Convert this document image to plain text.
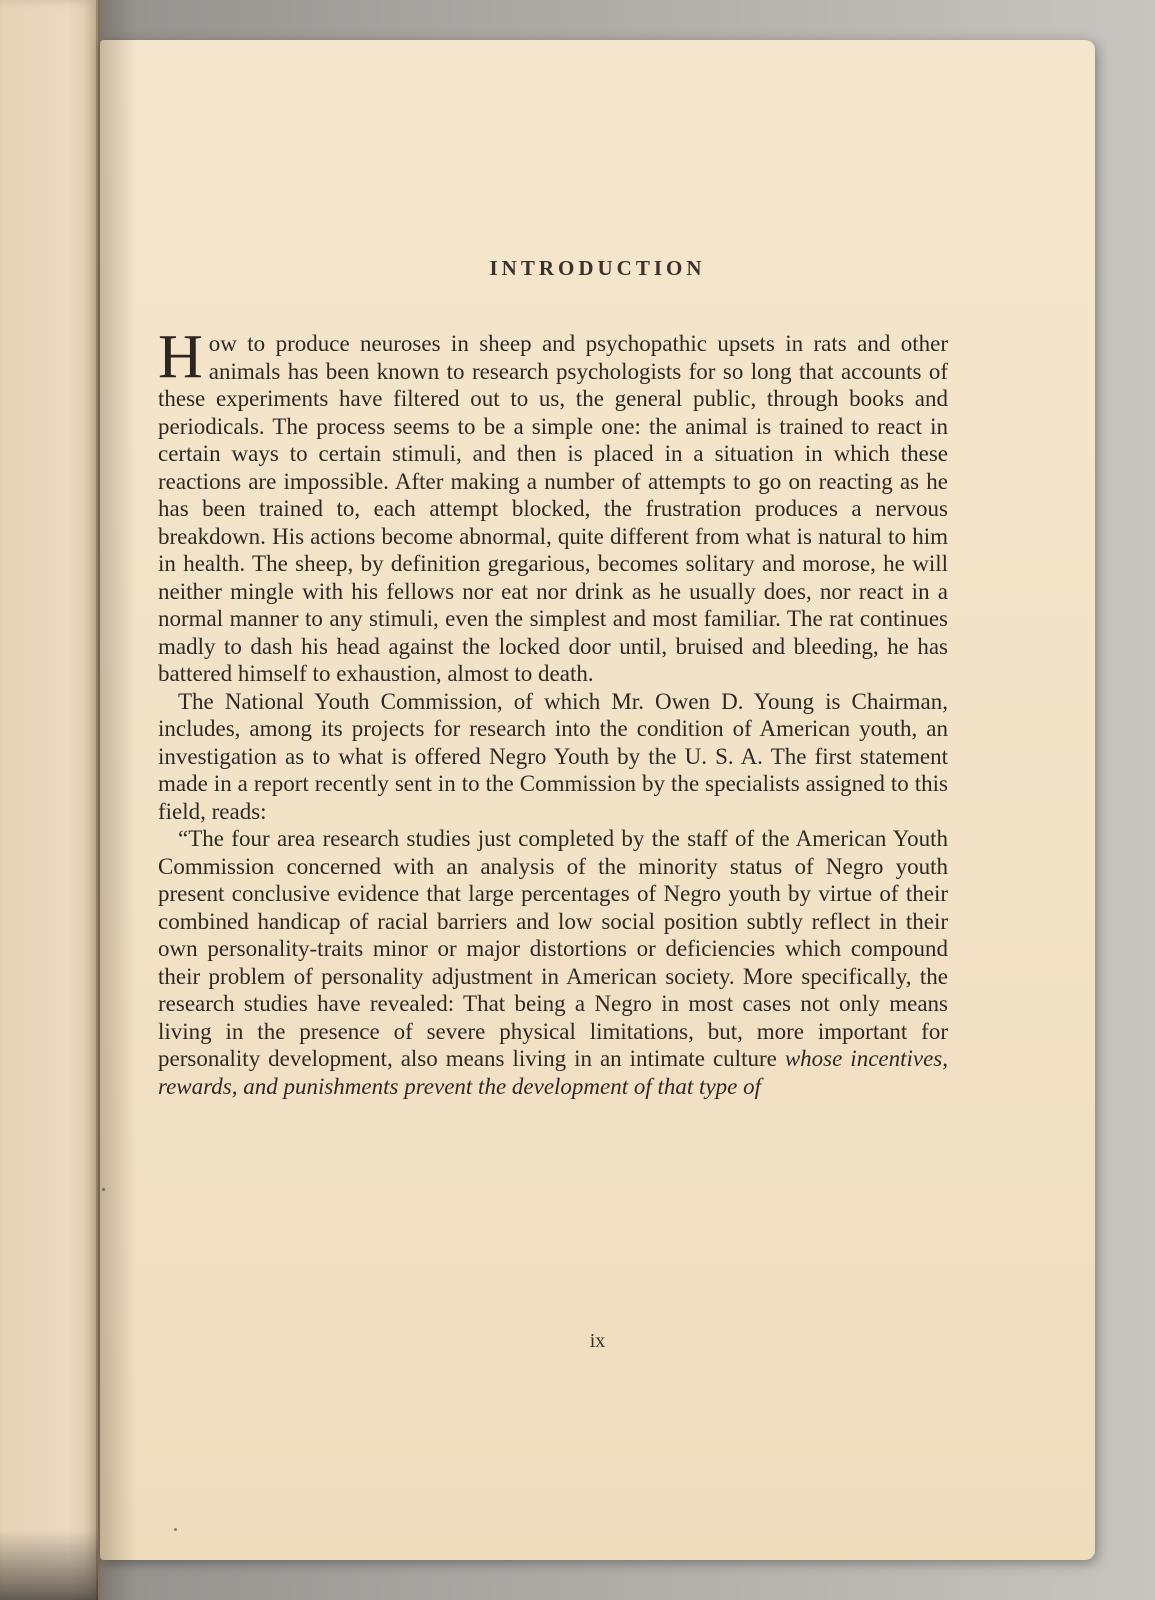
INTRODUCTION

How to produce neuroses in sheep and psychopathic upsets in rats and other animals has been known to research psychologists for so long that accounts of these experiments have filtered out to us, the general public, through books and periodicals. The process seems to be a simple one: the animal is trained to react in certain ways to certain stimuli, and then is placed in a situation in which these reactions are impossible. After making a number of attempts to go on reacting as he has been trained to, each attempt blocked, the frustration produces a nervous breakdown. His actions become abnormal, quite different from what is natural to him in health. The sheep, by definition gregarious, becomes solitary and morose, he will neither mingle with his fellows nor eat nor drink as he usually does, nor react in a normal manner to any stimuli, even the simplest and most familiar. The rat continues madly to dash his head against the locked door until, bruised and bleeding, he has battered himself to exhaustion, almost to death.

The National Youth Commission, of which Mr. Owen D. Young is Chairman, includes, among its projects for research into the condition of American youth, an investigation as to what is offered Negro Youth by the U. S. A. The first statement made in a report recently sent in to the Commission by the specialists assigned to this field, reads:

“The four area research studies just completed by the staff of the American Youth Commission concerned with an analysis of the minority status of Negro youth present conclusive evidence that large percentages of Negro youth by virtue of their combined handicap of racial barriers and low social position subtly reflect in their own personality-traits minor or major distortions or deficiencies which compound their problem of personality adjustment in American society. More specifically, the research studies have revealed: That being a Negro in most cases not only means living in the presence of severe physical limitations, but, more important for personality development, also means living in an intimate culture whose incentives, rewards, and punishments prevent the development of that type of

ix
